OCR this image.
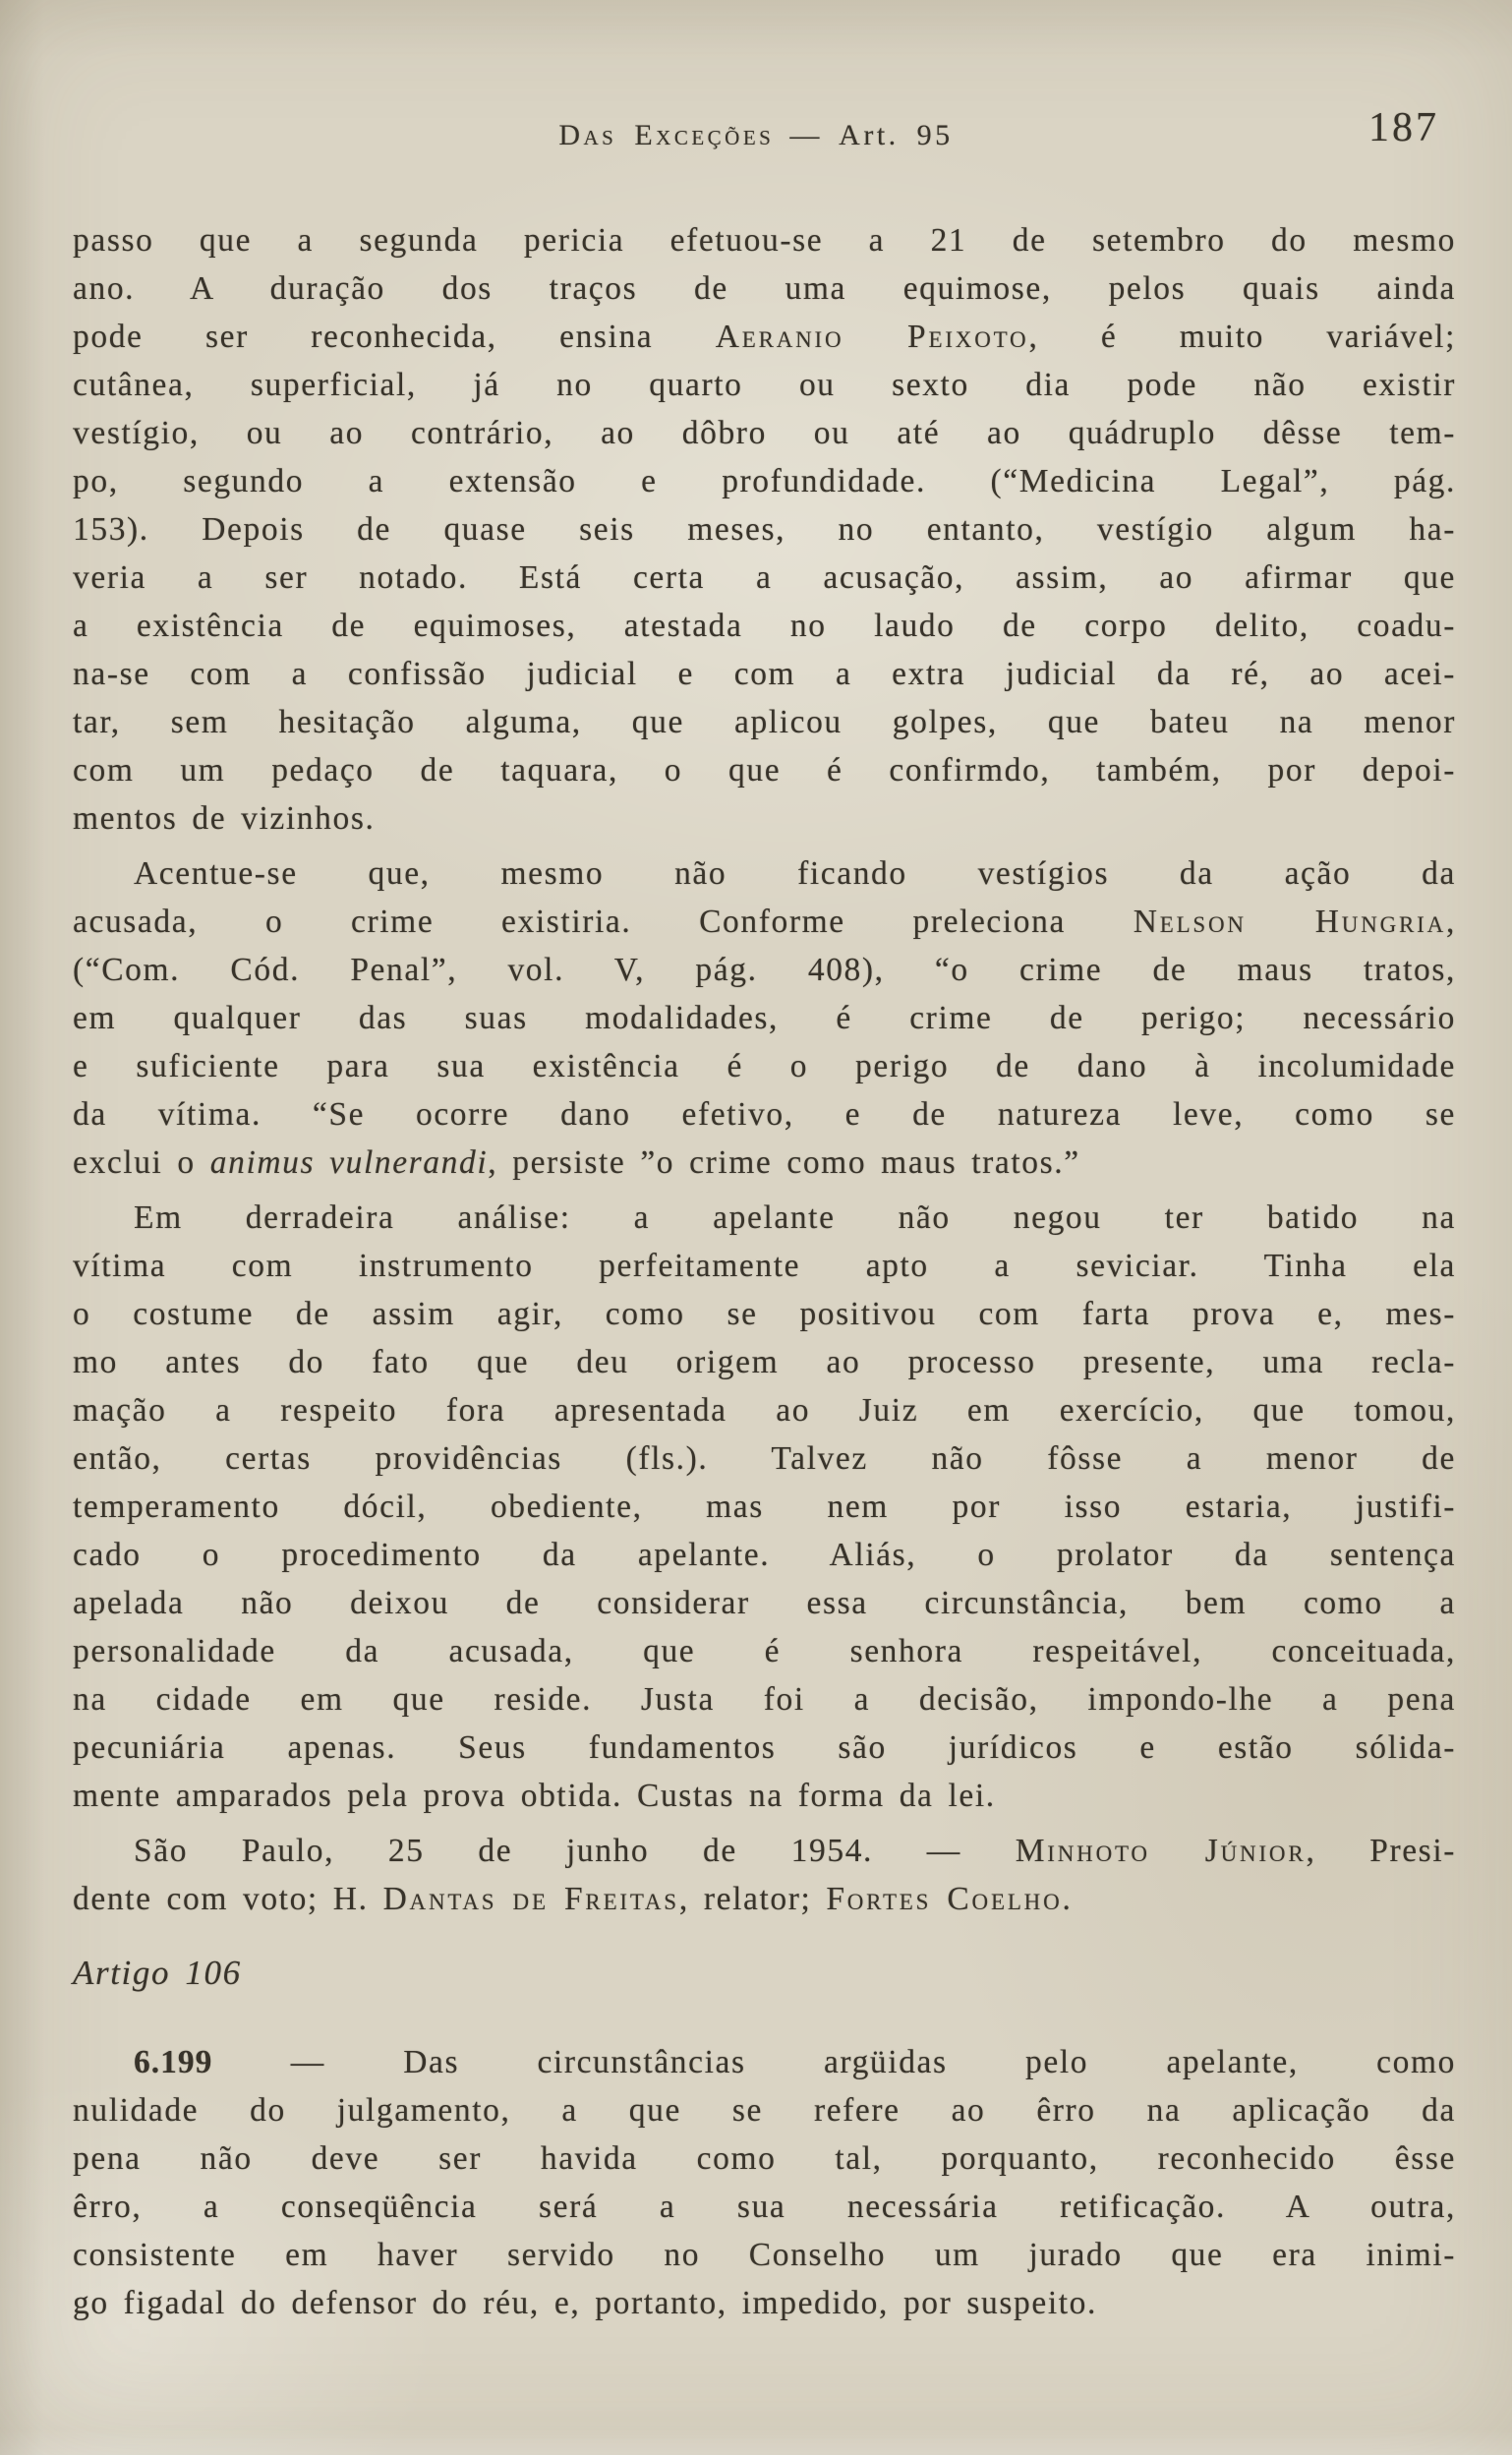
Das Exceções — Art. 95	187
passo que a segunda pericia efetuou-se a 21 de setembro do mesmo
ano. A duração dos traços de uma equimose, pelos quais ainda
pode ser reconhecida, ensina Aeranio Peixoto, é muito variável;
cutânea, superficial, já no quarto ou sexto dia pode não existir
vestígio, ou ao contrário, ao dôbro ou até ao quádruplo dêsse tem-
po, segundo a extensão e profundidade. (“Medicina Legal”, pág.
153). Depois de quase seis meses, no entanto, vestígio algum ha-
veria a ser notado. Está certa a acusação, assim, ao afirmar que
a existência de equimoses, atestada no laudo de corpo delito, coadu-
na-se com a confissão judicial e com a extra judicial da ré, ao acei-
tar, sem hesitação alguma, que aplicou golpes, que bateu na menor
com um pedaço de taquara, o que é confirmdo, também, por depoi-
mentos de vizinhos.
Acentue-se que, mesmo não ficando vestígios da ação da
acusada, o crime existiria. Conforme preleciona Nelson Hungria,
(“Com. Cód. Penal”, vol. V, pág. 408), “o crime de maus tratos,
em qualquer das suas modalidades, é crime de perigo; necessário
e suficiente para sua existência é o perigo de dano à incolumidade
da vítima. “Se ocorre dano efetivo, e de natureza leve, como se
exclui o animus vulnerandi, persiste ”o crime como maus tratos.”
Em derradeira análise: a apelante não negou ter batido na
vítima com instrumento perfeitamente apto a seviciar. Tinha ela
o costume de assim agir, como se positivou com farta prova e, mes-
mo antes do fato que deu origem ao processo presente, uma recla-
mação a respeito fora apresentada ao Juiz em exercício, que tomou,
então, certas providências (fls.). Talvez não fôsse a menor de
temperamento dócil, obediente, mas nem por isso estaria, justifi-
cado o procedimento da apelante. Aliás, o prolator da sentença
apelada não deixou de considerar essa circunstância, bem como a
personalidade da acusada, que é senhora respeitável, conceituada,
na cidade em que reside. Justa foi a decisão, impondo-lhe a pena
pecuniária apenas. Seus fundamentos são jurídicos e estão sólida-
mente amparados pela prova obtida. Custas na forma da lei.
São Paulo, 25 de junho de 1954. — Minhoto Júnior, Presi-
dente com voto; H. Dantas de Freitas, relator; Fortes Coelho.
Artigo 106
6.199 — Das circunstâncias argüidas pelo apelante, como
nulidade do julgamento, a que se refere ao êrro na aplicação da
pena não deve ser havida como tal, porquanto, reconhecido êsse
êrro, a conseqüência será a sua necessária retificação. A outra,
consistente em haver servido no Conselho um jurado que era inimi-
go figadal do defensor do réu, e, portanto, impedido, por suspeito.
